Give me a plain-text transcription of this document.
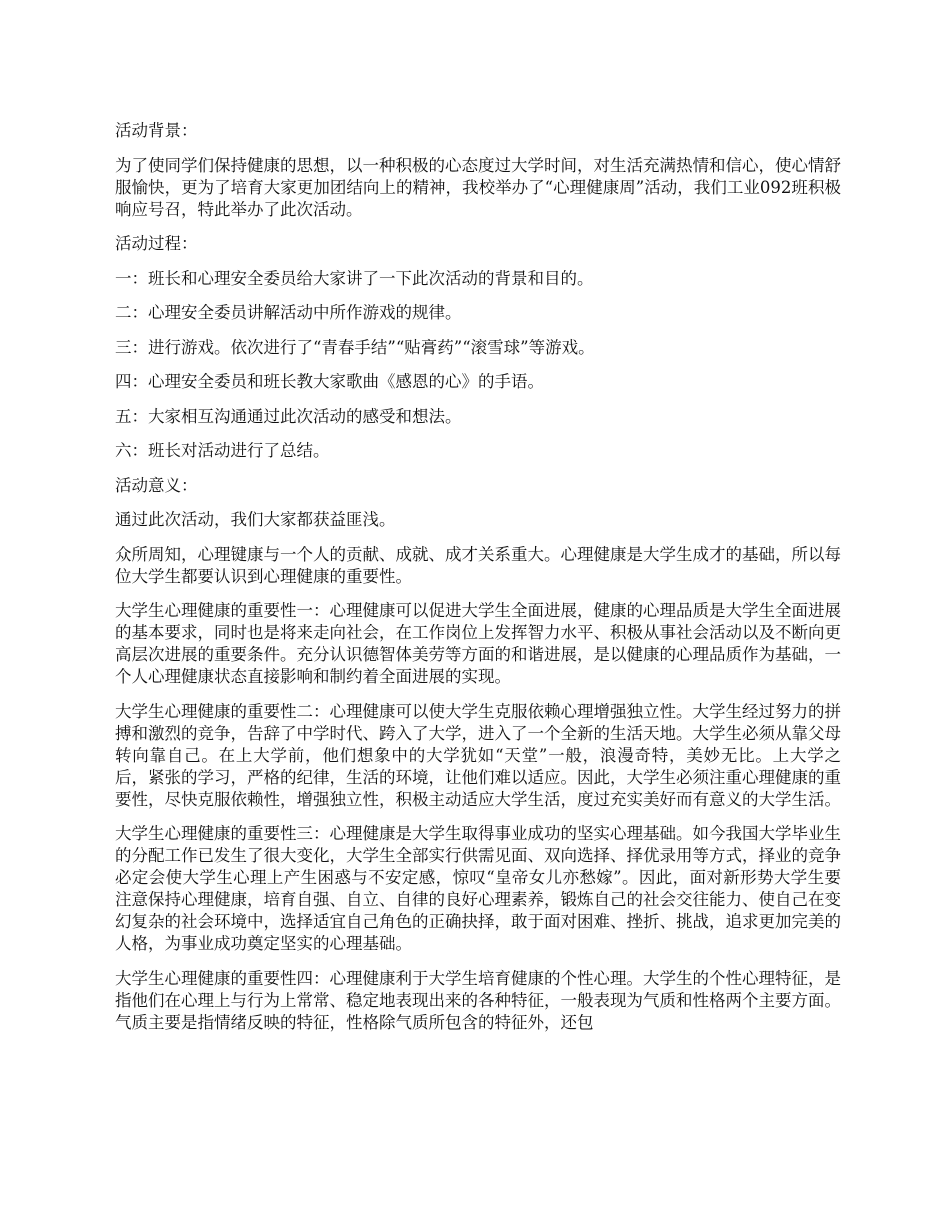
活动背景：

为了使同学们保持健康的思想，以一种积极的心态度过大学时间，对生活充满热情和信心，使心情舒服愉快，更为了培育大家更加团结向上的精神，我校举办了“心理健康周”活动，我们工业092班积极响应号召，特此举办了此次活动。

活动过程：

一：班长和心理安全委员给大家讲了一下此次活动的背景和目的。

二：心理安全委员讲解活动中所作游戏的规律。

三：进行游戏。依次进行了“青春手结”“贴膏药”“滚雪球”等游戏。

四：心理安全委员和班长教大家歌曲《感恩的心》的手语。

五：大家相互沟通通过此次活动的感受和想法。

六：班长对活动进行了总结。

活动意义：

通过此次活动，我们大家都获益匪浅。

众所周知，心理键康与一个人的贡献、成就、成才关系重大。心理健康是大学生成才的基础，所以每位大学生都要认识到心理健康的重要性。

大学生心理健康的重要性一：心理健康可以促进大学生全面进展，健康的心理品质是大学生全面进展的基本要求，同时也是将来走向社会，在工作岗位上发挥智力水平、积极从事社会活动以及不断向更高层次进展的重要条件。充分认识德智体美劳等方面的和谐进展，是以健康的心理品质作为基础，一个人心理健康状态直接影响和制约着全面进展的实现。

大学生心理健康的重要性二：心理健康可以使大学生克服依赖心理增强独立性。大学生经过努力的拼搏和激烈的竞争，告辞了中学时代、跨入了大学，进入了一个全新的生活天地。大学生必须从靠父母转向靠自己。在上大学前，他们想象中的大学犹如“天堂”一般，浪漫奇特，美妙无比。上大学之后，紧张的学习，严格的纪律，生活的环境，让他们难以适应。因此，大学生必须注重心理健康的重要性，尽快克服依赖性，增强独立性，积极主动适应大学生活，度过充实美好而有意义的大学生活。

大学生心理健康的重要性三：心理健康是大学生取得事业成功的坚实心理基础。如今我国大学毕业生的分配工作已发生了很大变化，大学生全部实行供需见面、双向选择、择优录用等方式，择业的竞争必定会使大学生心理上产生困惑与不安定感，惊叹“皇帝女儿亦愁嫁”。因此，面对新形势大学生要注意保持心理健康，培育自强、自立、自律的良好心理素养，锻炼自己的社会交往能力、使自己在变幻复杂的社会环境中，选择适宜自己角色的正确抉择，敢于面对困难、挫折、挑战，追求更加完美的人格，为事业成功奠定坚实的心理基础。

大学生心理健康的重要性四：心理健康利于大学生培育健康的个性心理。大学生的个性心理特征，是指他们在心理上与行为上常常、稳定地表现出来的各种特征，一般表现为气质和性格两个主要方面。气质主要是指情绪反映的特征，性格除气质所包含的特征外，还包
